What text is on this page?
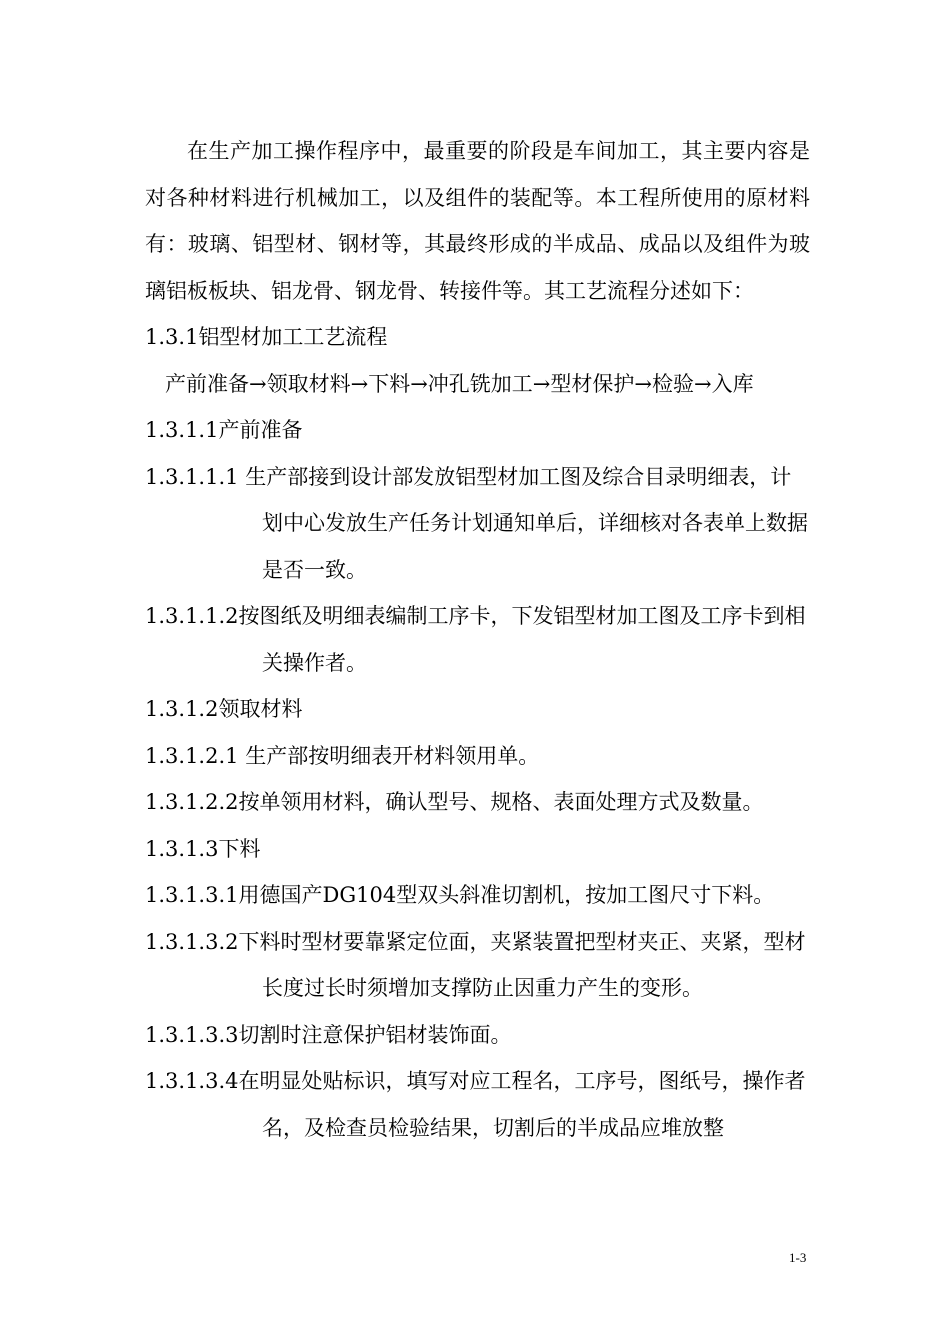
在生产加工操作程序中，最重要的阶段是车间加工，其主要内容是对各种材料进行机械加工，以及组件的装配等。本工程所使用的原材料有：玻璃、铝型材、钢材等，其最终形成的半成品、成品以及组件为玻璃铝板板块、铝龙骨、钢龙骨、转接件等。其工艺流程分述如下：
1.3.1铝型材加工工艺流程
产前准备→领取材料→下料→冲孔铣加工→型材保护→检验→入库
1.3.1.1产前准备
1.3.1.1.1 生产部接到设计部发放铝型材加工图及综合目录明细表，计划中心发放生产任务计划通知单后，详细核对各表单上数据是否一致。
1.3.1.1.2按图纸及明细表编制工序卡，下发铝型材加工图及工序卡到相关操作者。
1.3.1.2领取材料
1.3.1.2.1 生产部按明细表开材料领用单。
1.3.1.2.2按单领用材料，确认型号、规格、表面处理方式及数量。
1.3.1.3下料
1.3.1.3.1用德国产DG104型双头斜准切割机，按加工图尺寸下料。
1.3.1.3.2下料时型材要靠紧定位面，夹紧装置把型材夹正、夹紧，型材长度过长时须增加支撑防止因重力产生的变形。
1.3.1.3.3切割时注意保护铝材装饰面。
1.3.1.3.4在明显处贴标识，填写对应工程名，工序号，图纸号，操作者名，及检查员检验结果，切割后的半成品应堆放整
1-3
